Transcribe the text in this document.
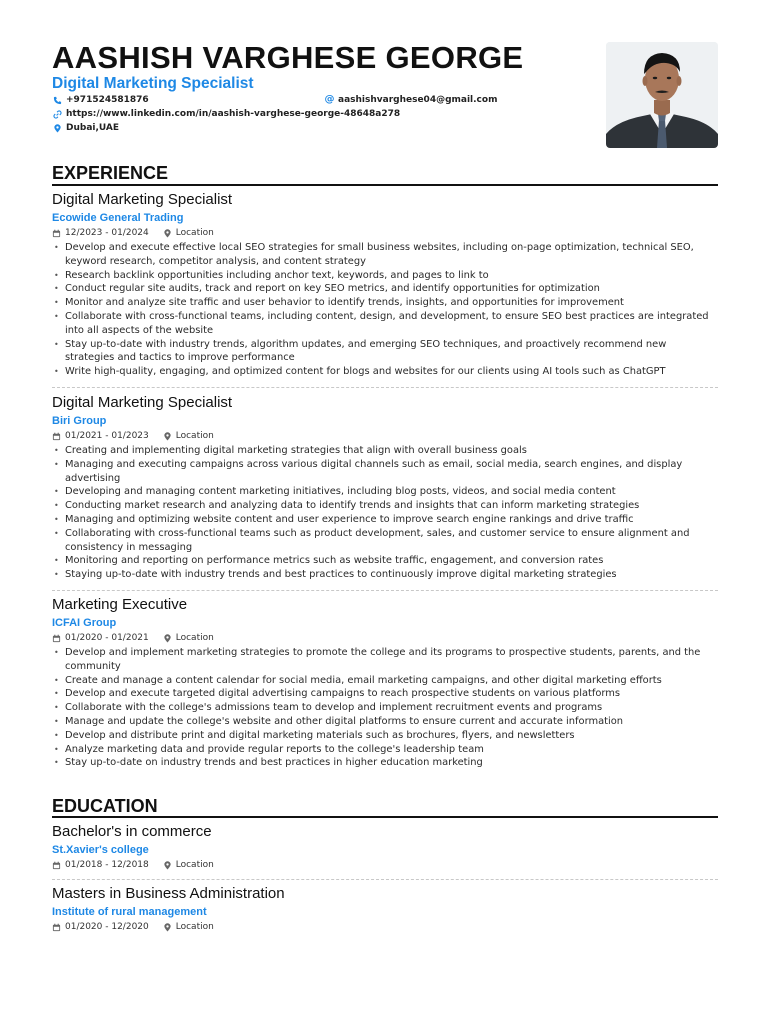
AASHISH VARGHESE GEORGE
Digital Marketing Specialist
+971524581876	@ aashishvarghese04@gmail.com
https://www.linkedin.com/in/aashish-varghese-george-48648a278
Dubai,UAE
EXPERIENCE
Digital Marketing Specialist
Ecowide General Trading
12/2023 - 01/2024	Location
• Develop and execute effective local SEO strategies for small business websites, including on-page optimization, technical SEO, keyword research, competitor analysis, and content strategy
• Research backlink opportunities including anchor text, keywords, and pages to link to
• Conduct regular site audits, track and report on key SEO metrics, and identify opportunities for optimization
• Monitor and analyze site traffic and user behavior to identify trends, insights, and opportunities for improvement
• Collaborate with cross-functional teams, including content, design, and development, to ensure SEO best practices are integrated into all aspects of the website
• Stay up-to-date with industry trends, algorithm updates, and emerging SEO techniques, and proactively recommend new strategies and tactics to improve performance
• Write high-quality, engaging, and optimized content for blogs and websites for our clients using AI tools such as ChatGPT
Digital Marketing Specialist
Biri Group
01/2021 - 01/2023	Location
• Creating and implementing digital marketing strategies that align with overall business goals
• Managing and executing campaigns across various digital channels such as email, social media, search engines, and display advertising
• Developing and managing content marketing initiatives, including blog posts, videos, and social media content
• Conducting market research and analyzing data to identify trends and insights that can inform marketing strategies
• Managing and optimizing website content and user experience to improve search engine rankings and drive traffic
• Collaborating with cross-functional teams such as product development, sales, and customer service to ensure alignment and consistency in messaging
• Monitoring and reporting on performance metrics such as website traffic, engagement, and conversion rates
• Staying up-to-date with industry trends and best practices to continuously improve digital marketing strategies
Marketing Executive
ICFAI Group
01/2020 - 01/2021	Location
• Develop and implement marketing strategies to promote the college and its programs to prospective students, parents, and the community
• Create and manage a content calendar for social media, email marketing campaigns, and other digital marketing efforts
• Develop and execute targeted digital advertising campaigns to reach prospective students on various platforms
• Collaborate with the college's admissions team to develop and implement recruitment events and programs
• Manage and update the college's website and other digital platforms to ensure current and accurate information
• Develop and distribute print and digital marketing materials such as brochures, flyers, and newsletters
• Analyze marketing data and provide regular reports to the college's leadership team
• Stay up-to-date on industry trends and best practices in higher education marketing
EDUCATION
Bachelor's in commerce
St.Xavier's college
01/2018 - 12/2018	Location
Masters in Business Administration
Institute of rural management
01/2020 - 12/2020	Location
